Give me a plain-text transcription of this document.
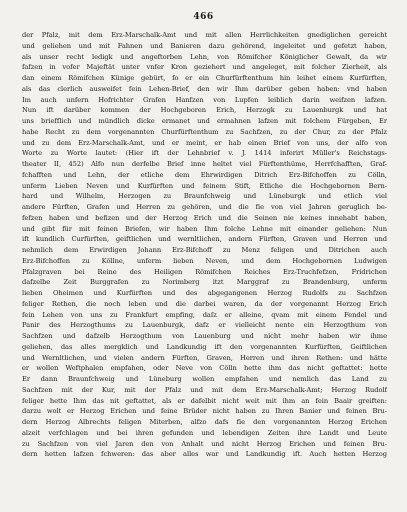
466
der Pfalz, mit dem Erz-Marschalk-Amt und mit allen Herrlichkeiten gnediglichen gereicht
und geliehen und mit Fahnen und Banieren dazu gehörend, ingeleitet und gefetzt haben,
als unser recht ledigk und angeftorben Lehn, von Römifcher Königlicher Gewalt, da wir
fafzen in vofer Majeftät unter vnfer Kron geziehert und angeleget, mit folcher Zierheit, als
dan einem Römifchen Künige gebürt, fo er ein Churfürftenthum hin leihet einem Kurfürften,
als das clerlich ausweifet fein Lehen-Brief, den wir Ihm darüber geben haben: vnd haben
Im auch unfern Hofrichter Grafen Hanfzen von Lupfen leiblich darin weifzen lafzen.
Nun ift darüber kommen der Hochgeboren Erich, Herzogk zu Lauenburgk und hat
uns briefflich und mündlich dicke ermanet und ermahnen lafzen mit folchem Fürgeben, Er
habe Recht zu dem vorgenannten Churfürftenthum zu Sachfzen, zu der Chur, zu der Pfalz
und zu dem Erz-Marschalk-Amt, und er meint, er hab einen Brief von uns, der alfo von
Worte zu Worte lautet: (Hier ift der Lehnbrief v. J. 1414 inferirt Müller's Reichstags-
theater II, 452) Alfo nun derfelbe Brief inne heltet viel Fürftenthüme, Herrfchafften, Graf-
fchafften und Lehn, der etliche dem Ehrwirdigen Ditrich Erz-Bifchoffen zu Cölln,
unferm Lieben Neven und Kurfürften und feinem Stift, Etliche die Hochgebornen Bern-
hard und Wilhelm, Herzogen zu Braunfchweig und Lüneburgk und etlich viel
andere Fürften, Grafen und Herren zu gehören, und die fie von viel Jahren geruglich be-
fefzen haben und befizen und der Herzog Erich und die Seinen nie keines innehabt haben,
und gibt für mit feinen Briefen, wir haben Ihm folche Lehne mit einander geliehen: Nun
ift kundlich Curfürften, geiftlichen und wernltlichen, andern Fürften, Graven und Herren und
nehmlich dem Erwirdigen Johann Erz-Bifchoff zu Menz feligen und Ditrichen auch
Erz-Bifchoffen zu Köllne, unferm lieben Neven, und dem Hochgebornen Ludwigen
Pfalzgraven bei Reine des Heiligen Römifchen Reiches Erz-Truchfefzen, Fridrichen
dafzelbe Zeit Burggrafen zu Norimberg itzt Marggraf zu Brandenburg, unferm
lieben Oheimen und Kurfürften und des abgegangenen Herzog Rudolfs zu Sachfzen
feliger Rethen, die noch leben und die darbei waren, da der vorgenannt Herzog Erich
fein Lehen von uns zu Frankfurt empfing, daſz er alleine, qvam mit einem Fendel und
Panir des Herzogthums zu Lauenburgk, dafz er vielleicht nente ein Herzogthum von
Sachfzen und dafzelb Herzogthum von Lauenburg und nicht mehr haben wir ihme
geliehen, das alles mergklich und Landkundig ift den vorgenannten Kurfürften, Geiftlichen
und Wernltlichen, und vielen andern Fürften, Graven, Herren und ihren Rethen: und hätte
er wollen Weftphalen empfahen, oder Neve von Cölln hette ihm das nicht geftattet: hette
Er dann Braunfchweig und Lüneburg wollen empfahen und nemlich das Land zu
Sachfzen mit der Kur, mit der Pfalz und mit dem Erz-Marschalk-Amt; Herzog Rudolf
feliger hette Ihm das nit geftattet, als er dafelbit nicht weit mit ihm an fein Baair greiften:
darzu wolt er Herzog Erichen und feine Brüder nicht haben zu Ihren Banier und feinen Bru-
dern Herzog Albrechts feligen Miterben, alfzo dafs fie den vorgenannten Herzog Erichen
alzeit verfchlagen und bei ihren gefunden und lebendigen Zeiten ihre Landt und Leute
zu Sachfzen von viel Jaren den von Anhalt und nicht Herzog Erichen und feinen Bru-
dern hetten lafzen fchweren: das aber alles war und Landkundig ift. Auch hetten Herzog
